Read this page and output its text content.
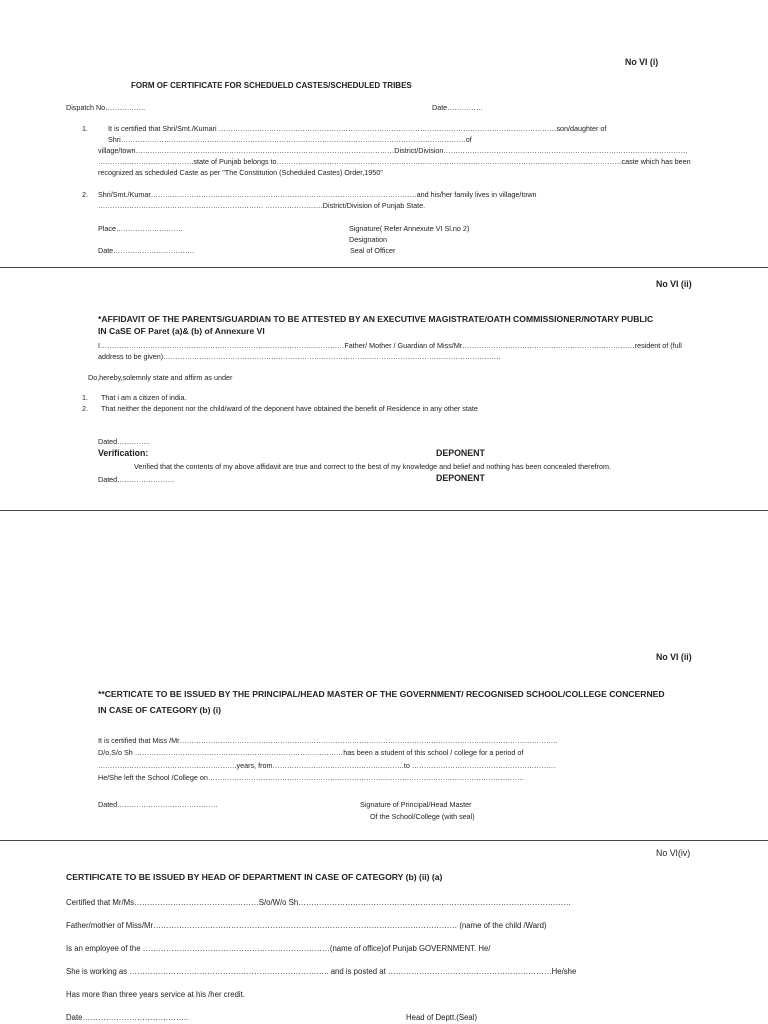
No VI (i)
FORM OF CERTIFICATE FOR SCHEDUELD CASTES/SCHEDULED TRIBES
Dispatch No……………..	Date……………
1.	It is certified that Shri/Smt./Kumari ……………………………………………………………………………………………………………………………son/daughter of
Shri………………………………………………………………………………………………………………………………of
village/town………………………………………………………………………………………………District/Division…………………………………………………………………………………………
………………………………….state of Punjab belongs to………………………………………………………………………………………………………………………………caste which has been
recognized as scheduled Caste as per "The Constitution (Scheduled Castes) Order,1950"
2. Shri/Smt./Kumar…………………………………………………………………………………………………and his/her family lives in village/town
…………………………………………………………… ……………………District/Division of Punjab State.
Place……………………….	Signature( Refer Annexute VI Sl.no 2)
Designation
Date…………………………….	Seal of Officer
No VI (ii)
*AFFIDAVIT OF THE PARENTS/GUARDIAN TO BE ATTESTED BY AN EXECUTIVE MAGISTRATE/OATH COMMISSIONER/NOTARY PUBLIC
IN CaSE OF Paret (a)& (b) of Annexure VI
I…………………………………………………………………………………………Father/ Mother / Guardian of Miss/Mr………………………………………………………………resident of (full
address to be given)……………………………………………………………………………………………………………………………
Do,hereby,solemnly state and affirm as under
1. That i am a citizen of india.
2. That neither the deponent nor the child/ward of the deponent have obtained the benefit of Residence in any other state
Dated…………..
Verification:	DEPONENT
Verified that the contents of my above affidavit are true and correct to the best of my knowledge and belief and nothing has been concealed therefrom.
Dated……………………	DEPONENT
No VI (ii)
**CERTICATE TO BE ISSUED BY THE PRINCIPAL/HEAD MASTER OF THE GOVERNMENT/ RECOGNISED SCHOOL/COLLEGE CONCERNED
IN CASE OF CATEGORY (b) (i)
It is certified that Miss /Mr…………………………………………………………………………………………………………………………………………..
D/o,S/o Sh ……………………………………………………………………………has been a student of this school / college for a period of
………………………………………………….years, from……………………………………………….to ……………………………………………………
He/She left the School /College on……………………………………………………………………………………………………………………
Dated……………………………………	Signature of Principal/Head Master
Of the School/College (with seal)
No VI(iv)
CERTIFICATE TO BE ISSUED BY HEAD OF DEPARTMENT IN CASE OF CATEGORY (b) (ii) (a)
Certified that Mr/Ms…………………………………………S/o/W/o Sh……………………………………………………………………………………………
Father/mother of Miss/Mr……………………………………………………………………………………………………… (name of the child /Ward)
Is an employee of the ………………………………………………………………(name of office)of Punjab GOVERNMENT. He/
She is working as ………………………………………………………………….. and is posted at ………………………………………………………He/she
Has more than three years service at his /her credit.
Date…………………………………..	Head of Deptt.(Seal)
